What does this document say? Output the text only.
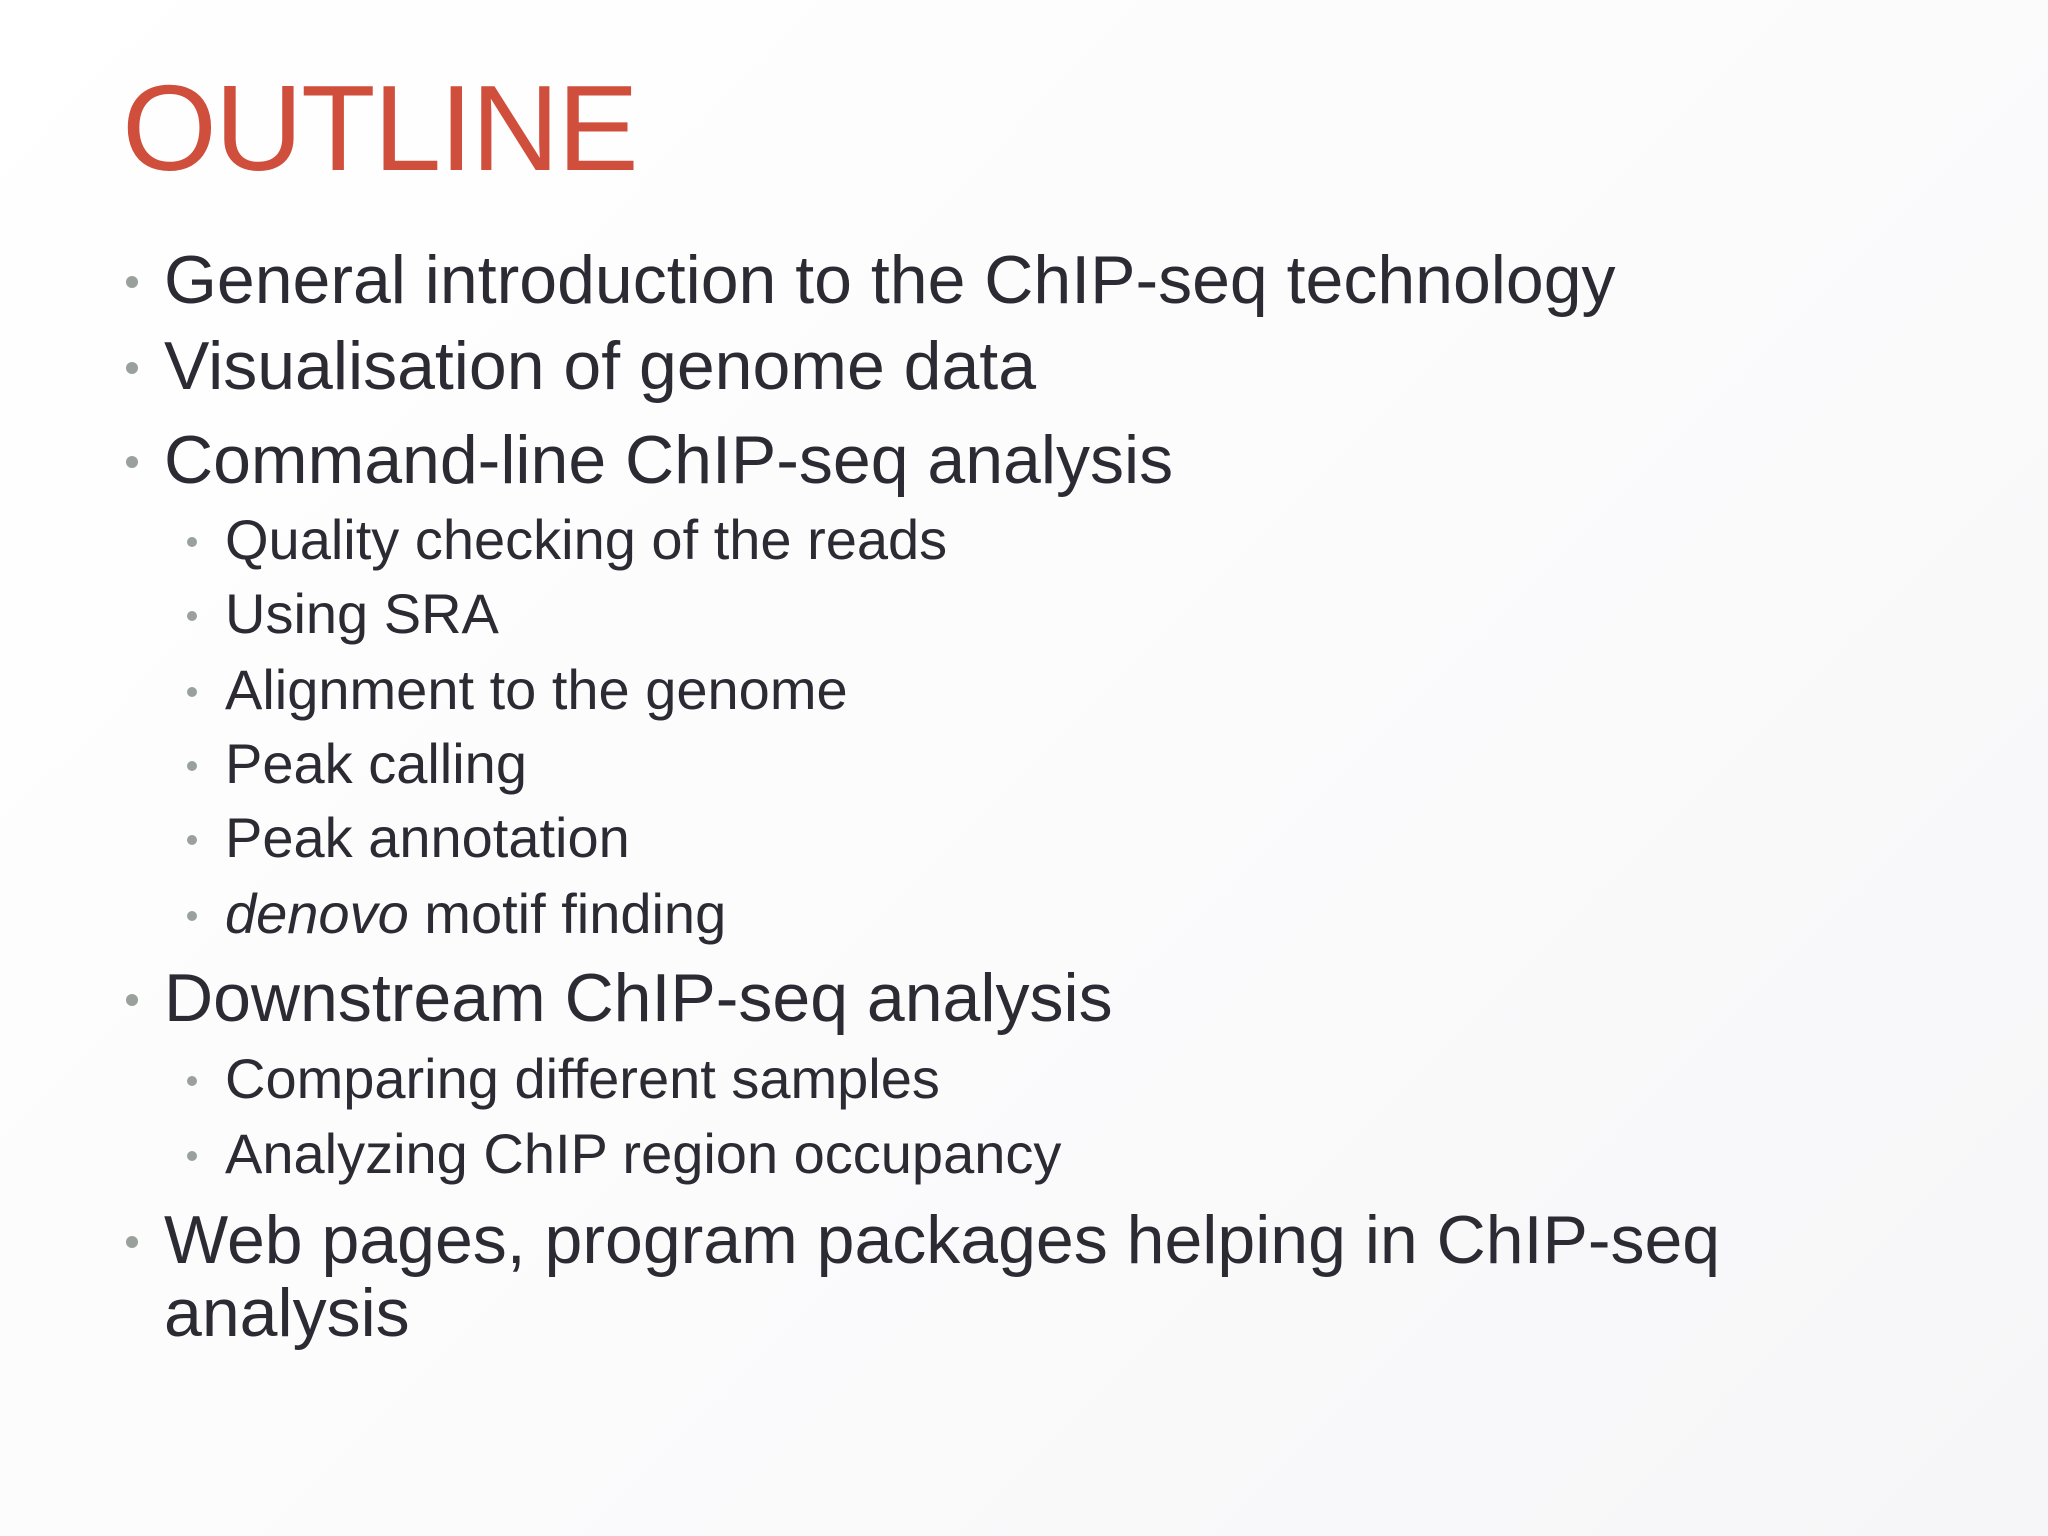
OUTLINE
General introduction to the ChIP-seq technology
Visualisation of genome data
Command-line ChIP-seq analysis
Quality checking of the reads
Using SRA
Alignment to the genome
Peak calling
Peak annotation
denovo motif finding
Downstream ChIP-seq analysis
Comparing different samples
Analyzing ChIP region occupancy
Web pages, program packages helping in ChIP-seq
analysis
